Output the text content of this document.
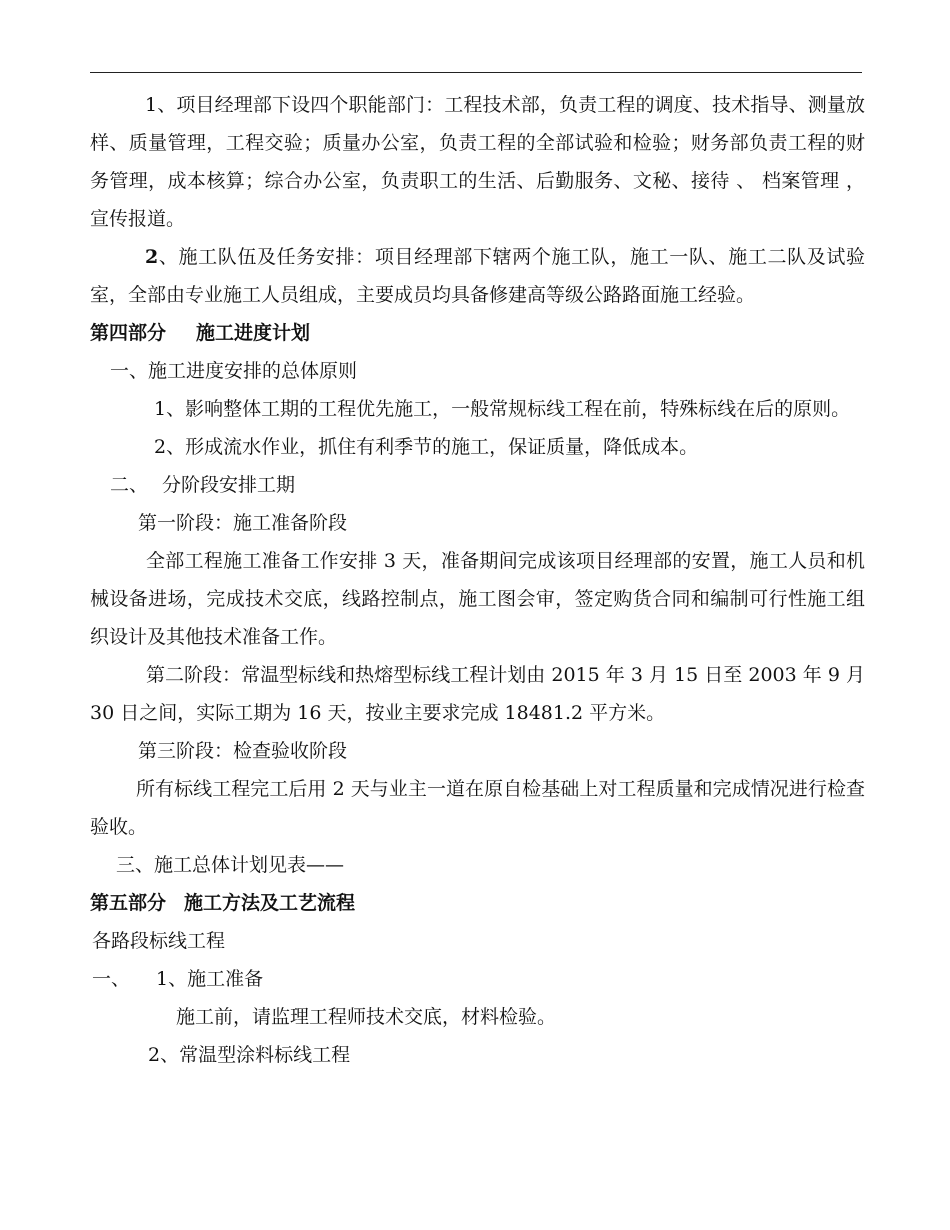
1、项目经理部下设四个职能部门：工程技术部，负责工程的调度、技术指导、测量放样、质量管理，工程交验；质量办公室，负责工程的全部试验和检验；财务部负责工程的财务管理，成本核算；综合办公室，负责职工的生活、后勤服务、文秘、接待 、 档案管理 ， 宣传报道。

2、施工队伍及任务安排：项目经理部下辖两个施工队，施工一队、施工二队及试验室，全部由专业施工人员组成，主要成员均具备修建高等级公路路面施工经验。

第四部分 施工进度计划

一、施工进度安排的总体原则

1、影响整体工期的工程优先施工，一般常规标线工程在前，特殊标线在后的原则。

2、形成流水作业，抓住有利季节的施工，保证质量，降低成本。

二、 分阶段安排工期

第一阶段：施工准备阶段

全部工程施工准备工作安排 3 天，准备期间完成该项目经理部的安置，施工人员和机械设备进场，完成技术交底，线路控制点，施工图会审，签定购货合同和编制可行性施工组织设计及其他技术准备工作。

第二阶段：常温型标线和热熔型标线工程计划由 2015 年 3 月 15 日至 2003 年 9 月 30 日之间，实际工期为 16 天，按业主要求完成 18481.2 平方米。

第三阶段：检查验收阶段

所有标线工程完工后用 2 天与业主一道在原自检基础上对工程质量和完成情况进行检查验收。

三、施工总体计划见表——

第五部分 施工方法及工艺流程

各路段标线工程

一、 1、施工准备

施工前，请监理工程师技术交底，材料检验。

2、常温型涂料标线工程
